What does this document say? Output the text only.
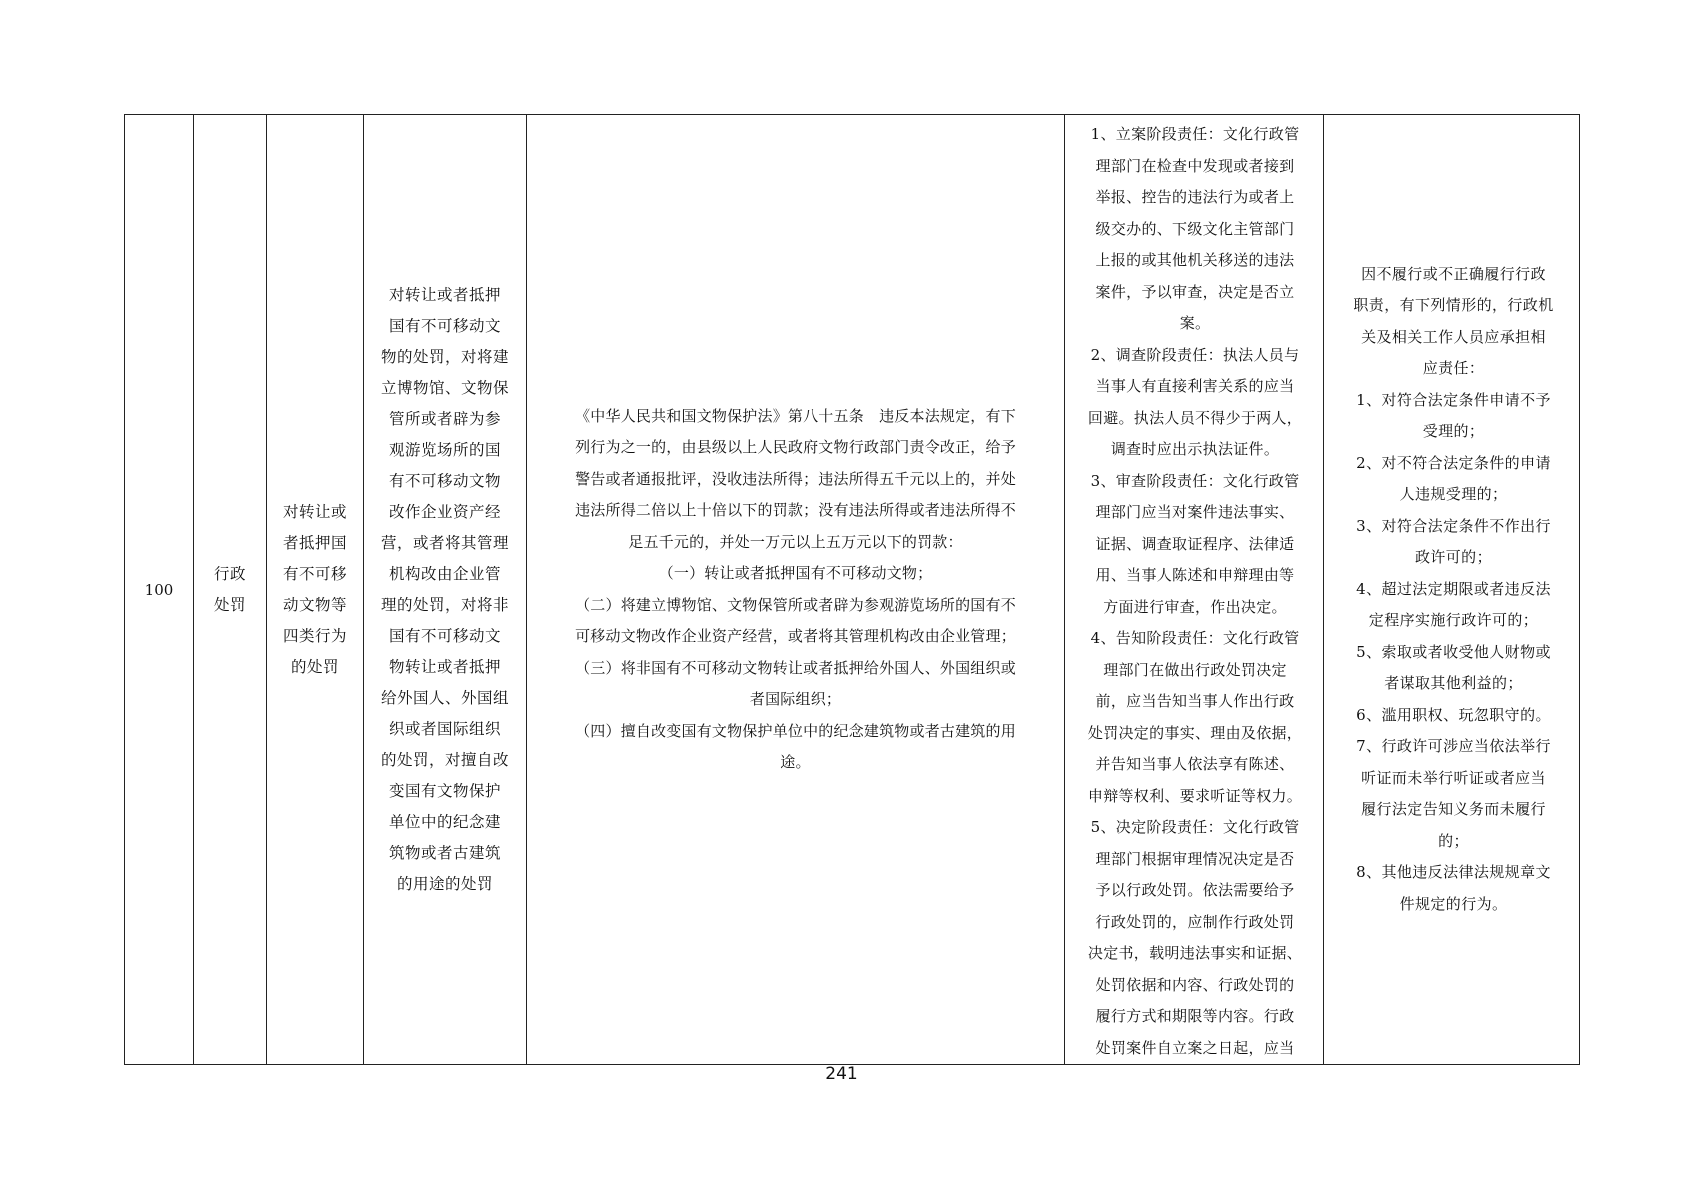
100	
行政
处罚

对转让或
者抵押国
有不可移
动文物等
四类行为
的处罚

对转让或者抵押
国有不可移动文
物的处罚，对将建
立博物馆、文物保
管所或者辟为参
观游览场所的国
有不可移动文物
改作企业资产经
营，或者将其管理
机构改由企业管
理的处罚，对将非
国有不可移动文
物转让或者抵押
给外国人、外国组
织或者国际组织
的处罚，对擅自改
变国有文物保护
单位中的纪念建
筑物或者古建筑
的用途的处罚

《中华人民共和国文物保护法》第八十五条　违反本法规定，有下
列行为之一的，由县级以上人民政府文物行政部门责令改正，给予
警告或者通报批评，没收违法所得；违法所得五千元以上的，并处
违法所得二倍以上十倍以下的罚款；没有违法所得或者违法所得不
足五千元的，并处一万元以上五万元以下的罚款：
（一）转让或者抵押国有不可移动文物；
（二）将建立博物馆、文物保管所或者辟为参观游览场所的国有不
可移动文物改作企业资产经营，或者将其管理机构改由企业管理；
（三）将非国有不可移动文物转让或者抵押给外国人、外国组织或
者国际组织；
（四）擅自改变国有文物保护单位中的纪念建筑物或者古建筑的用
途。

1、立案阶段责任：文化行政管
理部门在检查中发现或者接到
举报、控告的违法行为或者上
级交办的、下级文化主管部门
上报的或其他机关移送的违法
案件，予以审查，决定是否立
案。
2、调查阶段责任：执法人员与
当事人有直接利害关系的应当
回避。执法人员不得少于两人，
调查时应出示执法证件。
3、审查阶段责任：文化行政管
理部门应当对案件违法事实、
证据、调查取证程序、法律适
用、当事人陈述和申辩理由等
方面进行审查，作出决定。
4、告知阶段责任：文化行政管
理部门在做出行政处罚决定
前，应当告知当事人作出行政
处罚决定的事实、理由及依据，
并告知当事人依法享有陈述、
申辩等权利、要求听证等权力。
5、决定阶段责任：文化行政管
理部门根据审理情况决定是否
予以行政处罚。依法需要给予
行政处罚的，应制作行政处罚
决定书，载明违法事实和证据、
处罚依据和内容、行政处罚的
履行方式和期限等内容。行政
处罚案件自立案之日起，应当

因不履行或不正确履行行政
职责，有下列情形的，行政机
关及相关工作人员应承担相
应责任：
1、对符合法定条件申请不予
受理的；
2、对不符合法定条件的申请
人违规受理的；
3、对符合法定条件不作出行
政许可的；
4、超过法定期限或者违反法
定程序实施行政许可的；
5、索取或者收受他人财物或
者谋取其他利益的；
6、滥用职权、玩忽职守的。
7、行政许可涉应当依法举行
听证而未举行听证或者应当
履行法定告知义务而未履行
的；
8、其他违反法律法规规章文
件规定的行为。
241
